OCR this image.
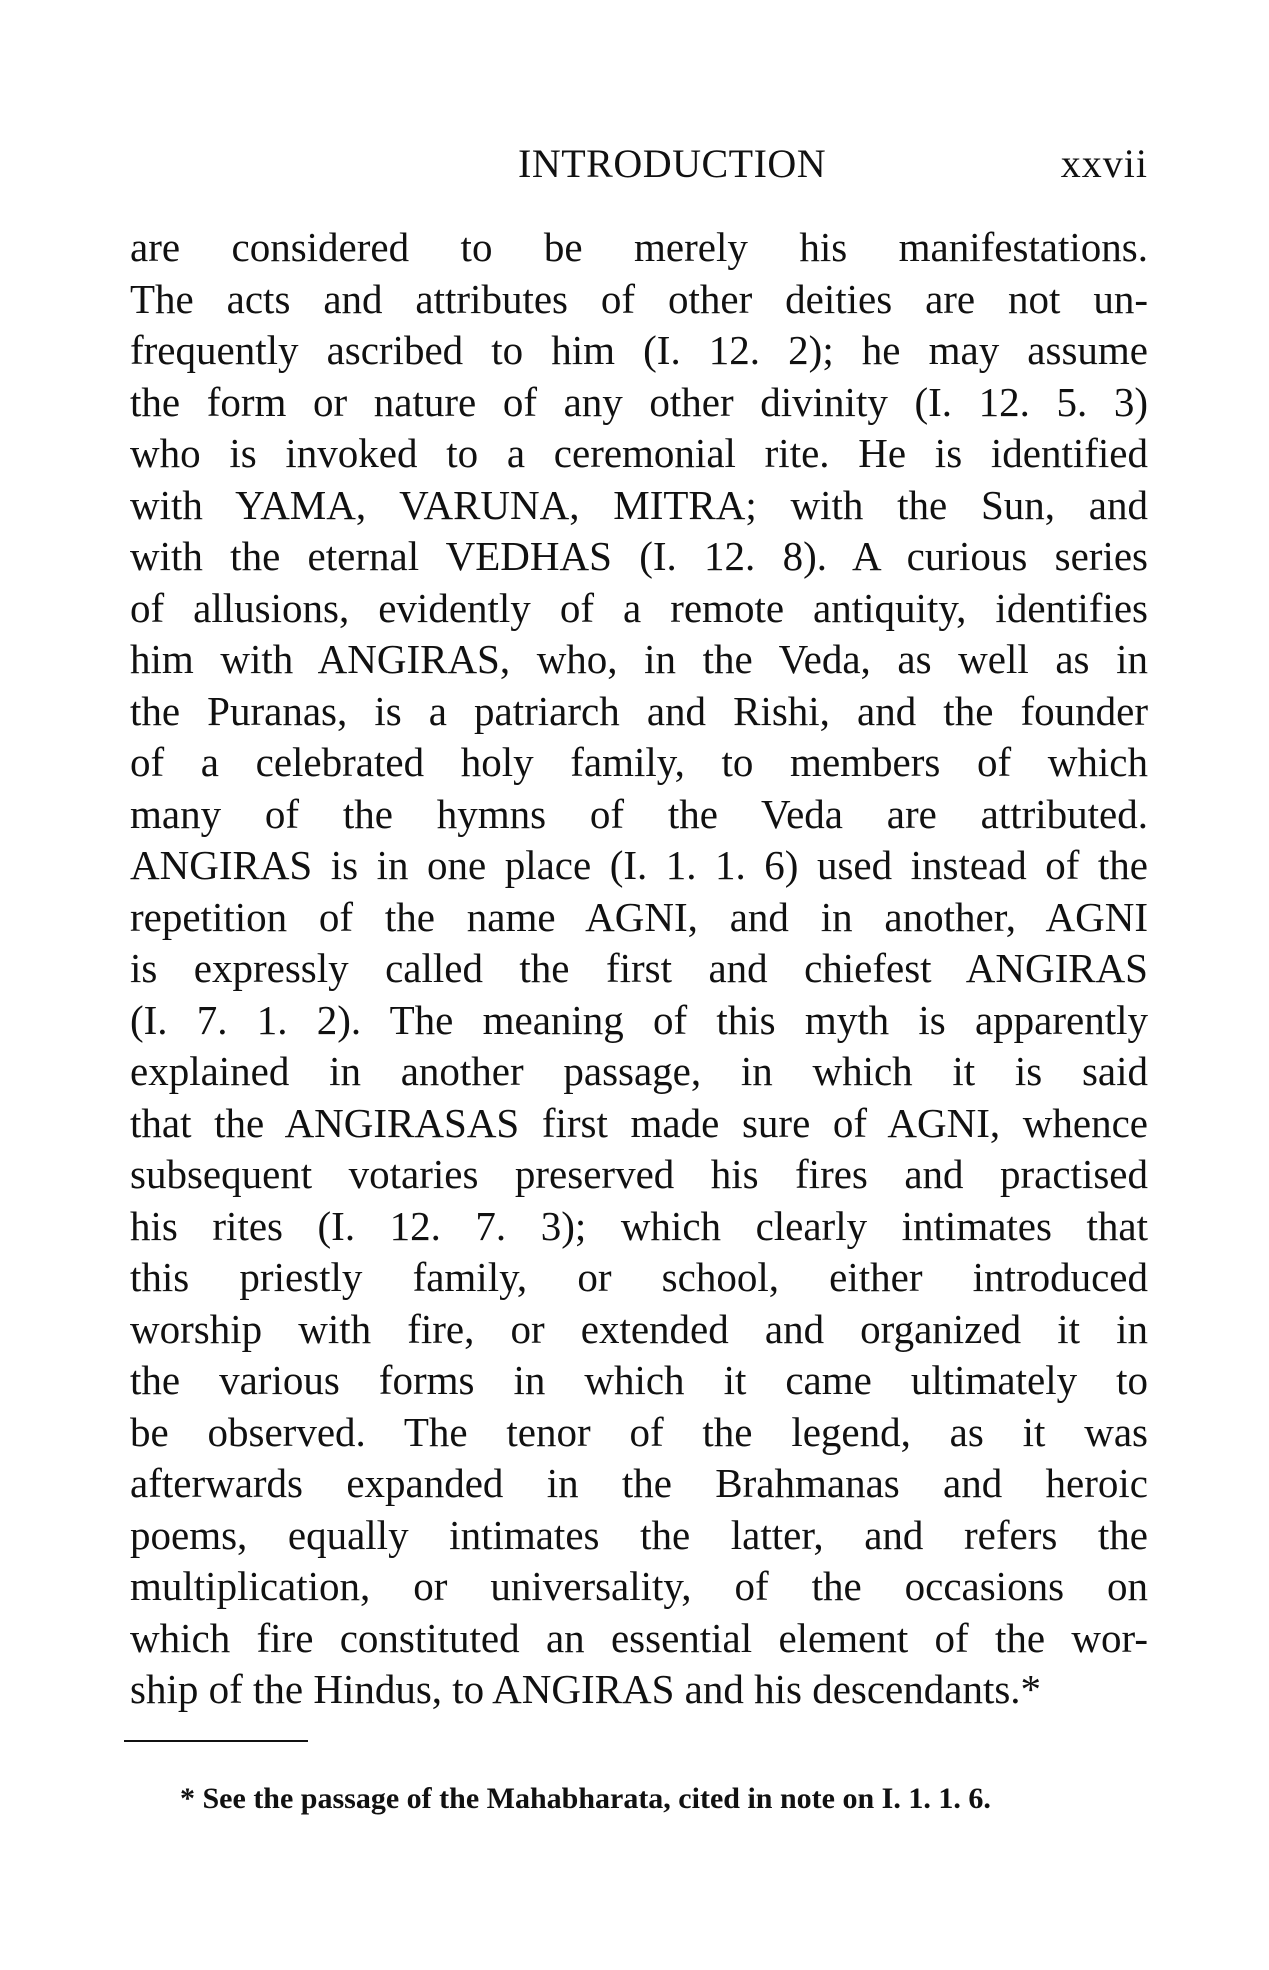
INTRODUCTION	xxvii
are considered to be merely his manifestations.
The acts and attributes of other deities are not un-
frequently ascribed to him (I. 12. 2); he may assume
the form or nature of any other divinity (I. 12. 5. 3)
who is invoked to a ceremonial rite. He is identified
with YAMA, VARUNA, MITRA; with the Sun, and
with the eternal VEDHAS (I. 12. 8). A curious series
of allusions, evidently of a remote antiquity, identifies
him with ANGIRAS, who, in the Veda, as well as in
the Puranas, is a patriarch and Rishi, and the founder
of a celebrated holy family, to members of which
many of the hymns of the Veda are attributed.
ANGIRAS is in one place (I. 1. 1. 6) used instead of the
repetition of the name AGNI, and in another, AGNI
is expressly called the first and chiefest ANGIRAS
(I. 7. 1. 2). The meaning of this myth is apparently
explained in another passage, in which it is said
that the ANGIRASAS first made sure of AGNI, whence
subsequent votaries preserved his fires and practised
his rites (I. 12. 7. 3); which clearly intimates that
this priestly family, or school, either introduced
worship with fire, or extended and organized it in
the various forms in which it came ultimately to
be observed. The tenor of the legend, as it was
afterwards expanded in the Brahmanas and heroic
poems, equally intimates the latter, and refers the
multiplication, or universality, of the occasions on
which fire constituted an essential element of the wor-
ship of the Hindus, to ANGIRAS and his descendants.*
* See the passage of the Mahabharata, cited in note on I. 1. 1. 6.
